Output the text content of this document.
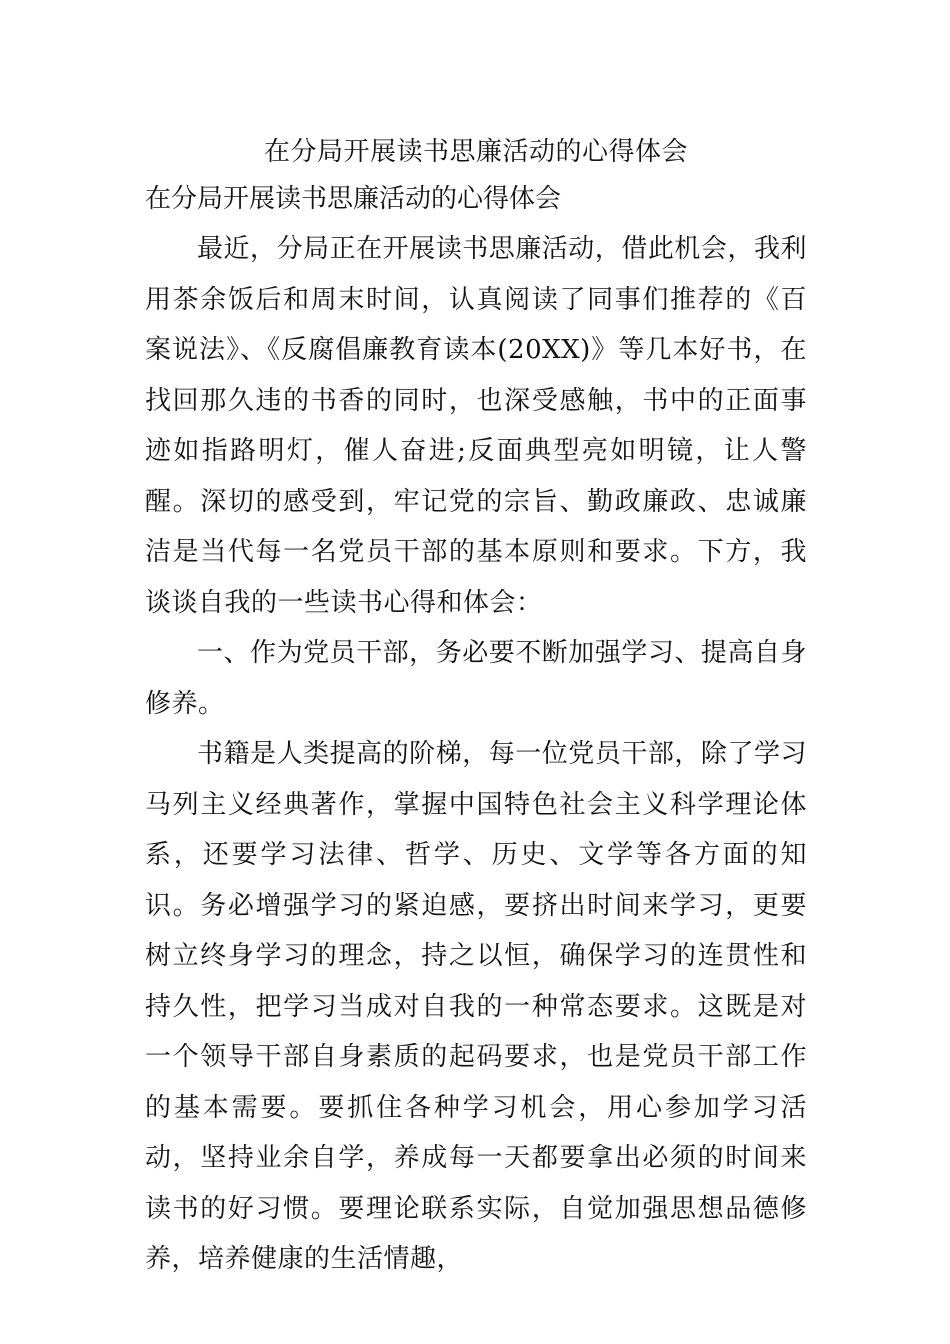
在分局开展读书思廉活动的心得体会
在分局开展读书思廉活动的心得体会

最近，分局正在开展读书思廉活动，借此机会，我利用茶余饭后和周末时间，认真阅读了同事们推荐的《百案说法》、《反腐倡廉教育读本(20XX)》等几本好书，在找回那久违的书香的同时，也深受感触，书中的正面事迹如指路明灯，催人奋进;反面典型亮如明镜，让人警醒。深切的感受到，牢记党的宗旨、勤政廉政、忠诚廉洁是当代每一名党员干部的基本原则和要求。下方，我谈谈自我的一些读书心得和体会：

一、作为党员干部，务必要不断加强学习、提高自身修养。

书籍是人类提高的阶梯，每一位党员干部，除了学习马列主义经典著作，掌握中国特色社会主义科学理论体系，还要学习法律、哲学、历史、文学等各方面的知识。务必增强学习的紧迫感，要挤出时间来学习，更要树立终身学习的理念，持之以恒，确保学习的连贯性和持久性，把学习当成对自我的一种常态要求。这既是对一个领导干部自身素质的起码要求，也是党员干部工作的基本需要。要抓住各种学习机会，用心参加学习活动，坚持业余自学，养成每一天都要拿出必须的时间来读书的好习惯。要理论联系实际，自觉加强思想品德修养，培养健康的生活情趣，
